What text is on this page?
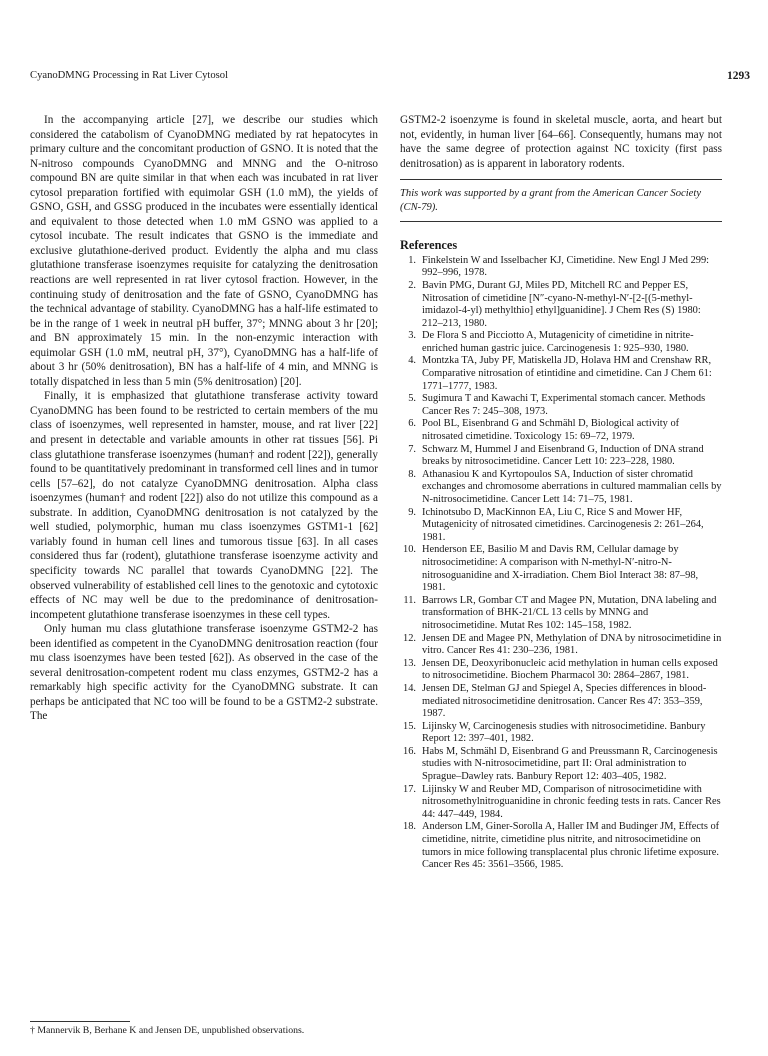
CyanoDMNG Processing in Rat Liver Cytosol	1293

In the accompanying article [27], we describe our studies which considered the catabolism of CyanoDMNG mediated by rat hepatocytes in primary culture and the concomitant production of GSNO. It is noted that the N-nitroso compounds CyanoDMNG and MNNG and the O-nitroso compound BN are quite similar in that when each was incubated in rat liver cytosol preparation fortified with equimolar GSH (1.0 mM), the yields of GSNO, GSH, and GSSG produced in the incubates were essentially identical and equivalent to those detected when 1.0 mM GSNO was applied to a cytosol incubate. The result indicates that GSNO is the immediate and exclusive glutathione-derived product. Evidently the alpha and mu class glutathione transferase isoenzymes requisite for catalyzing the denitrosation reactions are well represented in rat liver cytosol fraction. However, in the continuing study of denitrosation and the fate of GSNO, CyanoDMNG has the technical advantage of stability. CyanoDMNG has a half-life estimated to be in the range of 1 week in neutral pH buffer, 37°; MNNG about 3 hr [20]; and BN approximately 15 min. In the non-enzymic interaction with equimolar GSH (1.0 mM, neutral pH, 37°), CyanoDMNG has a half-life of about 3 hr (50% denitrosation), BN has a half-life of 4 min, and MNNG is totally dispatched in less than 5 min (5% denitrosation) [20].

Finally, it is emphasized that glutathione transferase activity toward CyanoDMNG has been found to be restricted to certain members of the mu class of isoenzymes, well represented in hamster, mouse, and rat liver [22] and present in detectable and variable amounts in other rat tissues [56]. Pi class glutathione transferase isoenzymes (human† and rodent [22]), generally found to be quantitatively predominant in transformed cell lines and in tumor cells [57–62], do not catalyze CyanoDMNG denitrosation. Alpha class isoenzymes (human† and rodent [22]) also do not utilize this compound as a substrate. In addition, CyanoDMNG denitrosation is not catalyzed by the well studied, polymorphic, human mu class isoenzymes GSTM1-1 [62] variably found in human cell lines and tumorous tissue [63]. In all cases considered thus far (rodent), glutathione transferase isoenzyme activity and specificity towards NC parallel that towards CyanoDMNG [22]. The observed vulnerability of established cell lines to the genotoxic and cytotoxic effects of NC may well be due to the predominance of denitrosation-incompetent glutathione transferase isoenzymes in these cell types.

Only human mu class glutathione transferase isoenzyme GSTM2-2 has been identified as competent in the CyanoDMNG denitrosation reaction (four mu class isoenzymes have been tested [62]). As observed in the case of the several denitrosation-competent rodent mu class enzymes, GSTM2-2 has a remarkably high specific activity for the CyanoDMNG substrate. It can perhaps be anticipated that NC too will be found to be a GSTM2-2 substrate. The

GSTM2-2 isoenzyme is found in skeletal muscle, aorta, and heart but not, evidently, in human liver [64–66]. Consequently, humans may not have the same degree of protection against NC toxicity (first pass denitrosation) as is apparent in laboratory rodents.

This work was supported by a grant from the American Cancer Society (CN-79).
References
1. Finkelstein W and Isselbacher KJ, Cimetidine. New Engl J Med 299: 992–996, 1978.
2. Bavin PMG, Durant GJ, Miles PD, Mitchell RC and Pepper ES, Nitrosation of cimetidine [N″-cyano-N-methyl-N′-[2-[(5-methyl-imidazol-4-yl) methylthio] ethyl]guanidine]. J Chem Res (S) 1980: 212–213, 1980.
3. De Flora S and Picciotto A, Mutagenicity of cimetidine in nitrite-enriched human gastric juice. Carcinogenesis 1: 925–930, 1980.
4. Montzka TA, Juby PF, Matiskella JD, Holava HM and Crenshaw RR, Comparative nitrosation of etintidine and cimetidine. Can J Chem 61: 1771–1777, 1983.
5. Sugimura T and Kawachi T, Experimental stomach cancer. Methods Cancer Res 7: 245–308, 1973.
6. Pool BL, Eisenbrand G and Schmähl D, Biological activity of nitrosated cimetidine. Toxicology 15: 69–72, 1979.
7. Schwarz M, Hummel J and Eisenbrand G, Induction of DNA strand breaks by nitrosocimetidine. Cancer Lett 10: 223–228, 1980.
8. Athanasiou K and Kyrtopoulos SA, Induction of sister chromatid exchanges and chromosome aberrations in cultured mammalian cells by N-nitrosocimetidine. Cancer Lett 14: 71–75, 1981.
9. Ichinotsubo D, MacKinnon EA, Liu C, Rice S and Mower HF, Mutagenicity of nitrosated cimetidines. Carcinogenesis 2: 261–264, 1981.
10. Henderson EE, Basilio M and Davis RM, Cellular damage by nitrosocimetidine: A comparison with N-methyl-N′-nitro-N-nitrosoguanidine and X-irradiation. Chem Biol Interact 38: 87–98, 1981.
11. Barrows LR, Gombar CT and Magee PN, Mutation, DNA labeling and transformation of BHK-21/CL 13 cells by MNNG and nitrosocimetidine. Mutat Res 102: 145–158, 1982.
12. Jensen DE and Magee PN, Methylation of DNA by nitrosocimetidine in vitro. Cancer Res 41: 230–236, 1981.
13. Jensen DE, Deoxyribonucleic acid methylation in human cells exposed to nitrosocimetidine. Biochem Pharmacol 30: 2864–2867, 1981.
14. Jensen DE, Stelman GJ and Spiegel A, Species differences in blood-mediated nitrosocimetidine denitrosation. Cancer Res 47: 353–359, 1987.
15. Lijinsky W, Carcinogenesis studies with nitrosocimetidine. Banbury Report 12: 397–401, 1982.
16. Habs M, Schmähl D, Eisenbrand G and Preussmann R, Carcinogenesis studies with N-nitrosocimetidine, part II: Oral administration to Sprague–Dawley rats. Banbury Report 12: 403–405, 1982.
17. Lijinsky W and Reuber MD, Comparison of nitrosocimetidine with nitrosomethylnitroguanidine in chronic feeding tests in rats. Cancer Res 44: 447–449, 1984.
18. Anderson LM, Giner-Sorolla A, Haller IM and Budinger JM, Effects of cimetidine, nitrite, cimetidine plus nitrite, and nitrosocimetidine on tumors in mice following transplacental plus chronic lifetime exposure. Cancer Res 45: 3561–3566, 1985.
† Mannervik B, Berhane K and Jensen DE, unpublished observations.
